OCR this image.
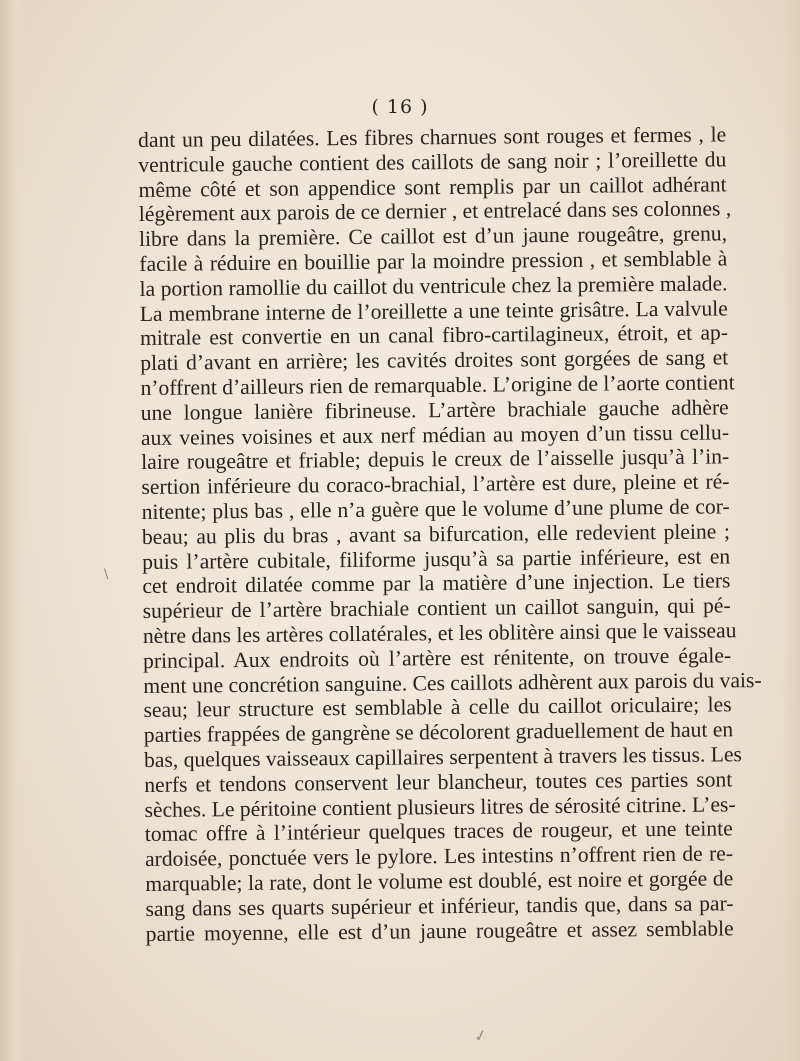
( 16 )
\
dant un peu dilatées. Les fibres charnues sont rouges et fermes , le
ventricule gauche contient des caillots de sang noir ; l’oreillette du
même côté et son appendice sont remplis par un caillot adhérant
légèrement aux parois de ce dernier , et entrelacé dans ses colonnes ,
libre dans la première. Ce caillot est d’un jaune rougeâtre, grenu,
facile à réduire en bouillie par la moindre pression , et semblable à
la portion ramollie du caillot du ventricule chez la première malade.
La membrane interne de l’oreillette a une teinte grisâtre. La valvule
mitrale est convertie en un canal fibro-cartilagineux, étroit, et ap-
plati d’avant en arrière; les cavités droites sont gorgées de sang et
n’offrent d’ailleurs rien de remarquable. L’origine de l’aorte contient
une longue lanière fibrineuse. L’artère brachiale gauche adhère
aux veines voisines et aux nerf médian au moyen d’un tissu cellu-
laire rougeâtre et friable; depuis le creux de l’aisselle jusqu’à l’in-
sertion inférieure du coraco-brachial, l’artère est dure, pleine et ré-
nitente; plus bas , elle n’a guère que le volume d’une plume de cor-
beau; au plis du bras , avant sa bifurcation, elle redevient pleine ;
puis l’artère cubitale, filiforme jusqu’à sa partie inférieure, est en
cet endroit dilatée comme par la matière d’une injection. Le tiers
supérieur de l’artère brachiale contient un caillot sanguin, qui pé-
nètre dans les artères collatérales, et les oblitère ainsi que le vaisseau
principal. Aux endroits où l’artère est rénitente, on trouve égale-
ment une concrétion sanguine. Ces caillots adhèrent aux parois du vais-
seau; leur structure est semblable à celle du caillot oriculaire; les
parties frappées de gangrène se décolorent graduellement de haut en
bas, quelques vaisseaux capillaires serpentent à travers les tissus. Les
nerfs et tendons conservent leur blancheur, toutes ces parties sont
sèches. Le péritoine contient plusieurs litres de sérosité citrine. L’es-
tomac offre à l’intérieur quelques traces de rougeur, et une teinte
ardoisée, ponctuée vers le pylore. Les intestins n’offrent rien de re-
marquable; la rate, dont le volume est doublé, est noire et gorgée de
sang dans ses quarts supérieur et inférieur, tandis que, dans sa par-
partie moyenne, elle est d’un jaune rougeâtre et assez semblable
✓
